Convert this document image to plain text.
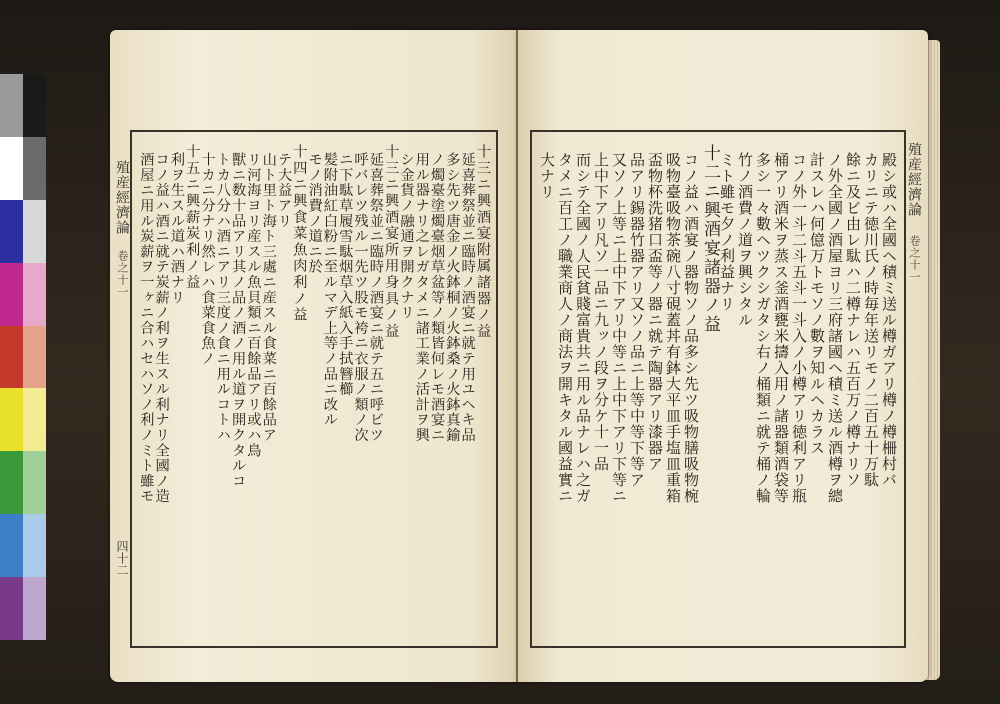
殖産經濟論
卷之十一
四十二
十三ニ興酒宴附属諸器ノ益
延喜葬祭並ニ臨時ノ酒宴ニ就テ用ユヘキ品
多シ先ツ唐金ノ火鉢桐ノ火鉢桑ノ火鉢真鍮
ノ燭臺塗燭臺烟草盆等ノ類皆何レモ酒宴ニ
用ル器ナリ之レガタメニ諸工業ノ活計ヲ興
シ金貨ノ融通ヲ開クナリ
十三ニ興酒宴所用身具ノ益
延喜葬祭並ニ臨時ノ酒宴ニ就テ五ニ呼ビツ
呼バレツ残ル一先ツ股モ袴ニ衣服ノ類ノ次
ニ下駄草履雪駄烟草入紙入手拭簪櫛
髪附油紅白粉ニ至ルマデ上等ノ品ニ改ル
モノ消費ノ道ニ於
十四ニ興食菜魚肉利ノ益
テ大益アリ
山ト里ト海ト三處ニ産スル食菜ニ百餘品ア
リ河海ヨリ産スル魚貝類ニ百餘品アリ或ハ鳥
獸ニ数十品アリ其ノ品ノ酒ノ用ル道ヲ開クタルコ
トカ八分ハ酒ニアリ三度ノ食ニ用ルコトハ
十カニ分ナリ然レハ食菜食魚ノ
十五ニ興薪炭利ノ益
利ヲ生スル道ハ酒ナリ
コノ益ハ酒ニ就テ炭薪ノ利ヲ生スル利ナリ全國ノ造
酒屋ニ用ル炭薪ヲ一ヶニ合ハセハソノ利ノミト雖モ	殖産經濟論
卷之十一
殿シ或ハ全國ヘ積ミ送ル樽ガアリ樽ノ樽柵村バ
カリニテ徳川氏ノ時毎年送リモノ二百五十万駄
餘ニ及ビ由レ駄ハ二樽ナレハ五百万ノ樽ナリソ
ノ外全國ノ酒屋ヨリ三府諸國ヘ積ミ送ル酒樽ヲ總
計スレハ何億万トモソノ數ヲ知ルヘカラス
コノ外一斗二斗五斗一斗入ノ小樽アリ徳利アリ瓶
桶アリ酒米ヲ蒸ス釜酒甕米擣入用ノ諸器類酒袋等
多シ一々數ヘツクシガタシ右ノ桶類ニ就テ桶ノ輪
竹ノ酒費ノ道ヲ興シタル
ミト雖モ夕ノ利益ナリ
十二ニ興酒宴諸器ノ益
コノ益ハ酒宴ノ器物ソノ品多シ先ツ吸物膳吸物椀
吸物臺吸物茶碗八寸硯蓋丼有鉢大平皿手塩皿重箱
盃物杯洗猪口盃等ノ器ニ就テ陶器アリ漆器ア
品アリ錫器竹器アリ又ソノ品ニ上等中等下等ア
又ソノ上等ニ上中下アリ中等ニ上中下アリ下等ニ
上中下アリ凡ソ一品ニ九ッノ段ヲ分ケ十一品
而シテ全國ノ人民貧賤富貴共ニ用ル品ナレハ之ガ
タメニ百工ノ職業商人ノ商法ヲ開キタル國益實ニ
大ナリ
